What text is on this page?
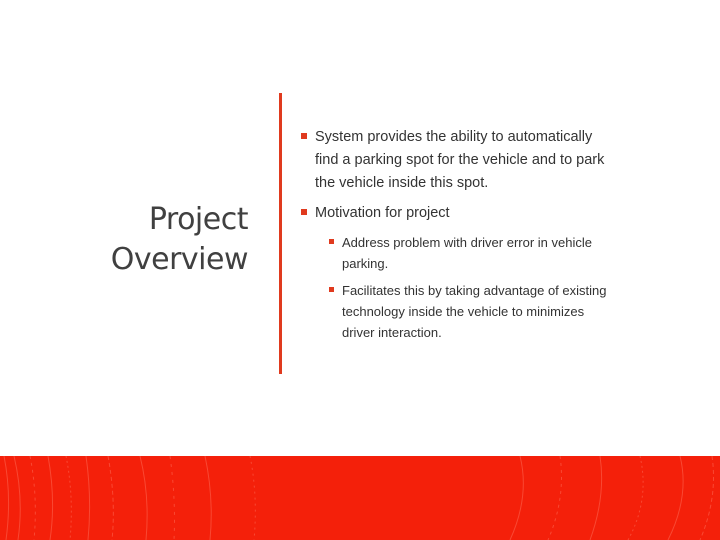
Project
Overview
System provides the ability to automatically find a parking spot for the vehicle and to park the vehicle inside this spot.
Motivation for project
Address problem with driver error in vehicle parking.
Facilitates this by taking advantage of existing technology inside the vehicle to minimizes driver interaction.
